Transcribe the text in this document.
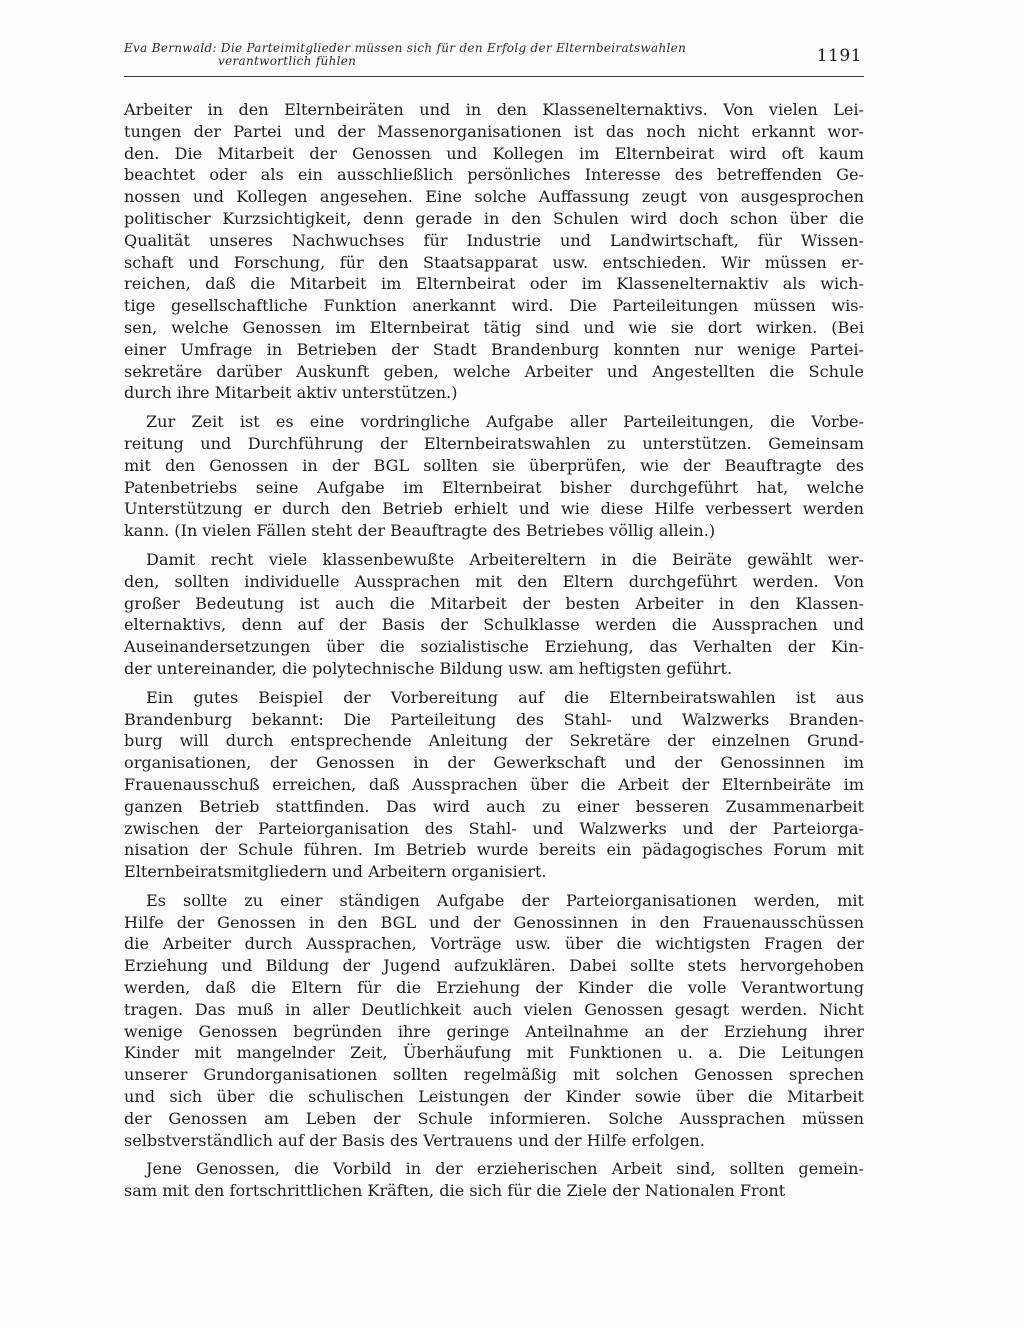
Eva Bernwald: Die Parteimitglieder müssen sich für den Erfolg der Elternbeiratswahlen
verantwortlich fühlen	1191

Arbeiter in den Elternbeiräten und in den Klassenelternaktivs. Von vielen Lei-
tungen der Partei und der Massenorganisationen ist das noch nicht erkannt wor-
den. Die Mitarbeit der Genossen und Kollegen im Elternbeirat wird oft kaum
beachtet oder als ein ausschließlich persönliches Interesse des betreffenden Ge-
nossen und Kollegen angesehen. Eine solche Auffassung zeugt von ausgesprochen
politischer Kurzsichtigkeit, denn gerade in den Schulen wird doch schon über die
Qualität unseres Nachwuchses für Industrie und Landwirtschaft, für Wissen-
schaft und Forschung, für den Staatsapparat usw. entschieden. Wir müssen er-
reichen, daß die Mitarbeit im Elternbeirat oder im Klassenelternaktiv als wich-
tige gesellschaftliche Funktion anerkannt wird. Die Parteileitungen müssen wis-
sen, welche Genossen im Elternbeirat tätig sind und wie sie dort wirken. (Bei
einer Umfrage in Betrieben der Stadt Brandenburg konnten nur wenige Partei-
sekretäre darüber Auskunft geben, welche Arbeiter und Angestellten die Schule
durch ihre Mitarbeit aktiv unterstützen.)

Zur Zeit ist es eine vordringliche Aufgabe aller Parteileitungen, die Vorbe-
reitung und Durchführung der Elternbeiratswahlen zu unterstützen. Gemeinsam
mit den Genossen in der BGL sollten sie überprüfen, wie der Beauftragte des
Patenbetriebs seine Aufgabe im Elternbeirat bisher durchgeführt hat, welche
Unterstützung er durch den Betrieb erhielt und wie diese Hilfe verbessert werden
kann. (In vielen Fällen steht der Beauftragte des Betriebes völlig allein.)

Damit recht viele klassenbewußte Arbeitereltern in die Beiräte gewählt wer-
den, sollten individuelle Aussprachen mit den Eltern durchgeführt werden. Von
großer Bedeutung ist auch die Mitarbeit der besten Arbeiter in den Klassen-
elternaktivs, denn auf der Basis der Schulklasse werden die Aussprachen und
Auseinandersetzungen über die sozialistische Erziehung, das Verhalten der Kin-
der untereinander, die polytechnische Bildung usw. am heftigsten geführt.

Ein gutes Beispiel der Vorbereitung auf die Elternbeiratswahlen ist aus
Brandenburg bekannt: Die Parteileitung des Stahl- und Walzwerks Branden-
burg will durch entsprechende Anleitung der Sekretäre der einzelnen Grund-
organisationen, der Genossen in der Gewerkschaft und der Genossinnen im
Frauenausschuß erreichen, daß Aussprachen über die Arbeit der Elternbeiräte im
ganzen Betrieb stattfinden. Das wird auch zu einer besseren Zusammenarbeit
zwischen der Parteiorganisation des Stahl- und Walzwerks und der Parteiorga-
nisation der Schule führen. Im Betrieb wurde bereits ein pädagogisches Forum mit
Elternbeiratsmitgliedern und Arbeitern organisiert.

Es sollte zu einer ständigen Aufgabe der Parteiorganisationen werden, mit
Hilfe der Genossen in den BGL und der Genossinnen in den Frauenausschüssen
die Arbeiter durch Aussprachen, Vorträge usw. über die wichtigsten Fragen der
Erziehung und Bildung der Jugend aufzuklären. Dabei sollte stets hervorgehoben
werden, daß die Eltern für die Erziehung der Kinder die volle Verantwortung
tragen. Das muß in aller Deutlichkeit auch vielen Genossen gesagt werden. Nicht
wenige Genossen begründen ihre geringe Anteilnahme an der Erziehung ihrer
Kinder mit mangelnder Zeit, Überhäufung mit Funktionen u. a. Die Leitungen
unserer Grundorganisationen sollten regelmäßig mit solchen Genossen sprechen
und sich über die schulischen Leistungen der Kinder sowie über die Mitarbeit
der Genossen am Leben der Schule informieren. Solche Aussprachen müssen
selbstverständlich auf der Basis des Vertrauens und der Hilfe erfolgen.

Jene Genossen, die Vorbild in der erzieherischen Arbeit sind, sollten gemein-
sam mit den fortschrittlichen Kräften, die sich für die Ziele der Nationalen Front
